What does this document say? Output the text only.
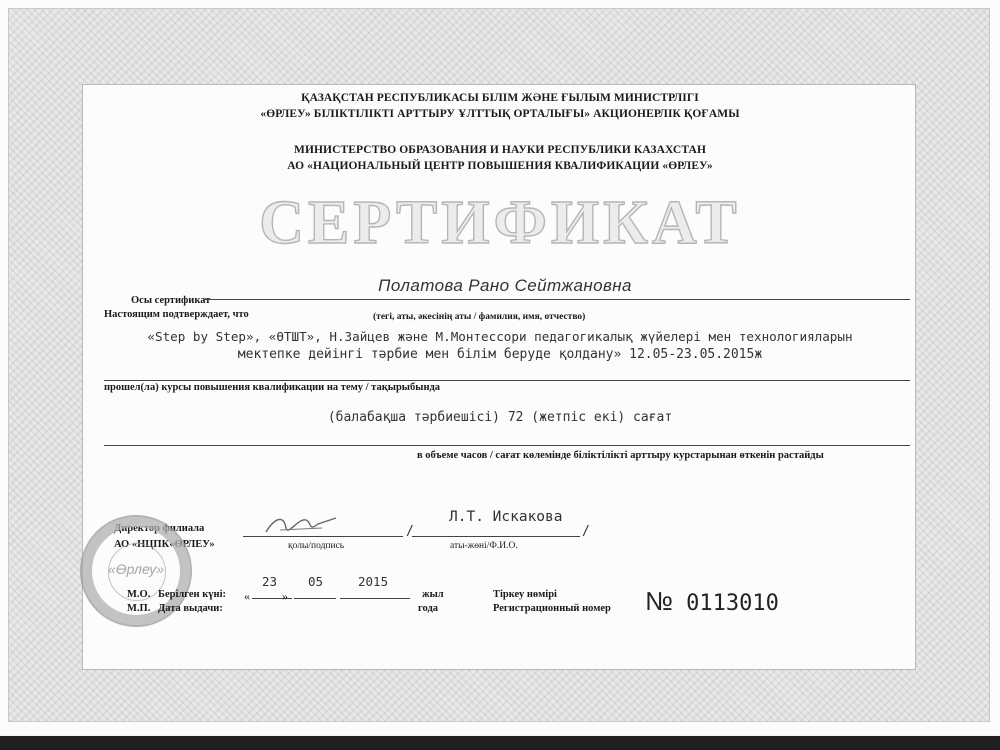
ҚАЗАҚСТАН РЕСПУБЛИКАСЫ БІЛІМ ЖӘНЕ ҒЫЛЫМ МИНИСТРЛІГІ
«ӨРЛЕУ» БІЛІКТІЛІКТІ АРТТЫРУ ҰЛТТЫҚ ОРТАЛЫҒЫ» АКЦИОНЕРЛІК ҚОҒАМЫ
МИНИСТЕРСТВО ОБРАЗОВАНИЯ И НАУКИ РЕСПУБЛИКИ КАЗАХСТАН
АО «НАЦИОНАЛЬНЫЙ ЦЕНТР ПОВЫШЕНИЯ КВАЛИФИКАЦИИ «ӨРЛЕУ»
СЕРТИФИКАТ
Полатова Рано Сейтжановна
Осы сертификат
Настоящим подтверждает, что	(тегі, аты, әкесінің аты / фамилия, имя, отчество)
«Step by Step», «ӨТШТ», Н.Зайцев және М.Монтессори педагогикалық жүйелері мен технологияларын
мектепке дейінгі тәрбие мен білім беруде қолдану» 12.05-23.05.2015ж
прошел(ла) курсы повышения квалификации на тему / тақырыбында
(балабақша тәрбиешісі) 72 (жетпіс екі) сағат
в объеме часов / сағат көлемінде біліктілікті арттыру курстарынан өткенін растайды
Директор филиала
АО «НЦПК«ӨРЛЕУ»
/
қолы/подпись
Л.Т. Искакова
/
аты-жөні/Ф.И.О.
«Өрлеу»
М.О.
М.П.
Берілген күні:
Дата выдачи:
«
23
»
05	2015
жыл
года
Тіркеу нөмірі
Регистрационный номер № 0113010
